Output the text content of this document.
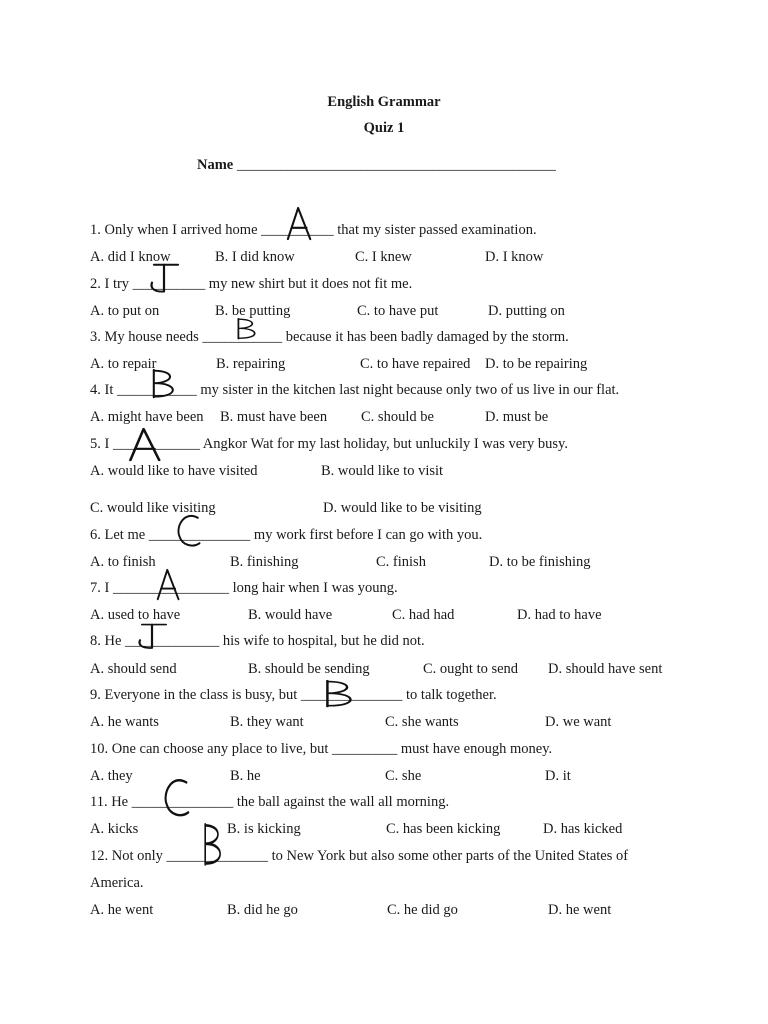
English Grammar
Quiz 1
Name ____________________________________________
1. Only when I arrived home __________ that my sister passed examination.
A. did I know	B. I did know	C. I knew	D. I know
2. I try __________ my new shirt but it does not fit me.
A. to put on	B. be putting	C. to have put	D. putting on
3. My house needs ___________ because it has been badly damaged by the storm.
A. to repair	B. repairing	C. to have repaired D. to be repairing
4. It ___________ my sister in the kitchen last night because only two of us live in our flat.
A. might have been B. must have been C. should be	D. must be
5. I ____________ Angkor Wat for my last holiday, but unluckily I was very busy.
A. would like to have visited	B. would like to visit
C. would like visiting	D. would like to be visiting
6. Let me ______________ my work first before I can go with you.
A. to finish	B. finishing	C. finish	D. to be finishing
7. I ________________ long hair when I was young.
A. used to have	B. would have	C. had had	D. had to have
8. He _____________ his wife to hospital, but he did not.
A. should send	B. should be sending	C. ought to send D. should have sent
9. Everyone in the class is busy, but ______________ to talk together.
A. he wants	B. they want	C. she wants	D. we want
10. One can choose any place to live, but _________ must have enough money.
A. they	B. he	C. she	D. it
11. He ______________ the ball against the wall all morning.
A. kicks	B. is kicking	C. has been kicking	D. has kicked
12. Not only ______________ to New York but also some other parts of the United States of
America.
A. he went	B. did he go	C. he did go	D. he went
